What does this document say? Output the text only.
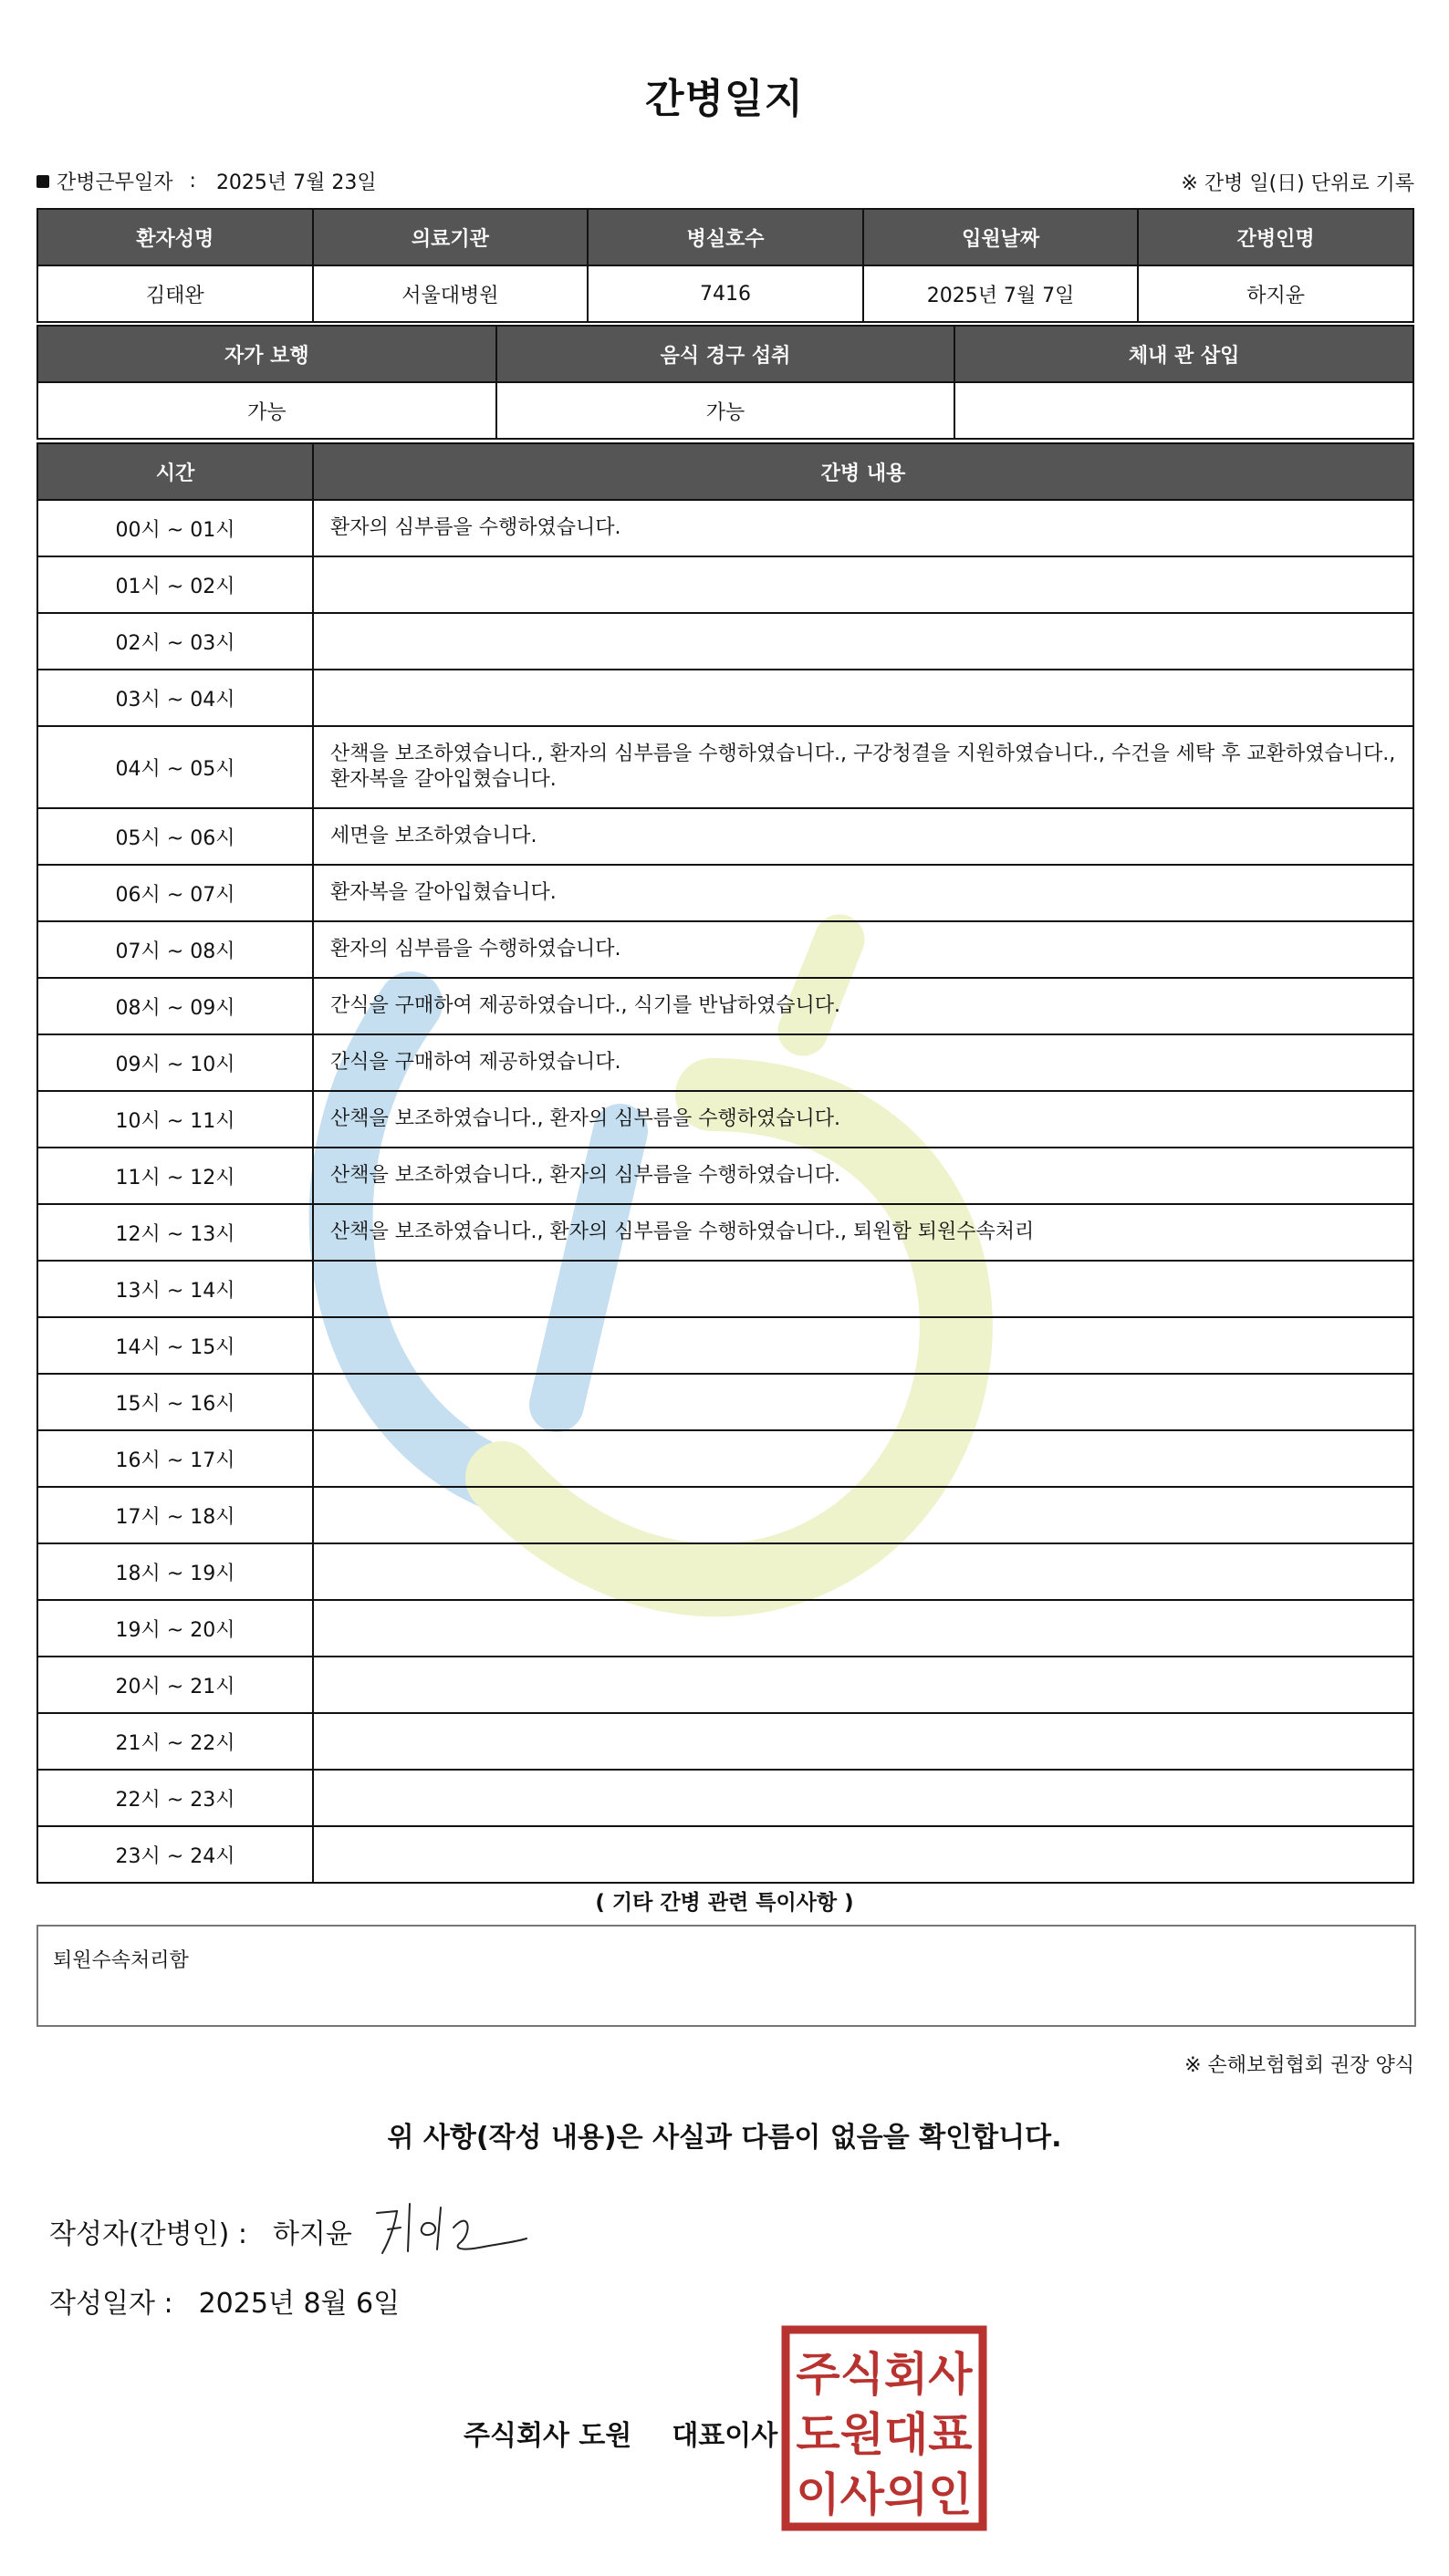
간병일지
간병근무일자 : 2025년 7월 23일	※ 간병 일(日) 단위로 기록
환자성명	의료기관	병실호수	입원날짜	간병인명
김태완	서울대병원	7416	2025년 7월 7일	하지윤
자가 보행	음식 경구 섭취	체내 관 삽입
가능	가능	
시간	간병 내용
00시 ~ 01시	환자의 심부름을 수행하였습니다.
01시 ~ 02시	
02시 ~ 03시	
03시 ~ 04시	
04시 ~ 05시	산책을 보조하였습니다., 환자의 심부름을 수행하였습니다., 구강청결을 지원하였습니다., 수건을 세탁 후 교환하였습니다., 환자복을 갈아입혔습니다.
05시 ~ 06시	세면을 보조하였습니다.
06시 ~ 07시	환자복을 갈아입혔습니다.
07시 ~ 08시	환자의 심부름을 수행하였습니다.
08시 ~ 09시	간식을 구매하여 제공하였습니다., 식기를 반납하였습니다.
09시 ~ 10시	간식을 구매하여 제공하였습니다.
10시 ~ 11시	산책을 보조하였습니다., 환자의 심부름을 수행하였습니다.
11시 ~ 12시	산책을 보조하였습니다., 환자의 심부름을 수행하였습니다.
12시 ~ 13시	산책을 보조하였습니다., 환자의 심부름을 수행하였습니다., 퇴원함 퇴원수속처리
13시 ~ 14시	
14시 ~ 15시	
15시 ~ 16시	
16시 ~ 17시	
17시 ~ 18시	
18시 ~ 19시	
19시 ~ 20시	
20시 ~ 21시	
21시 ~ 22시	
22시 ~ 23시	
23시 ~ 24시	
( 기타 간병 관련 특이사항 )
퇴원수속처리함
※ 손해보험협회 권장 양식
위 사항(작성 내용)은 사실과 다름이 없음을 확인합니다.
작성자(간병인) : 하지윤
작성일자 : 2025년 8월 6일
주식회사 도원 대표이사
주식회사
도원대표
이사의인
